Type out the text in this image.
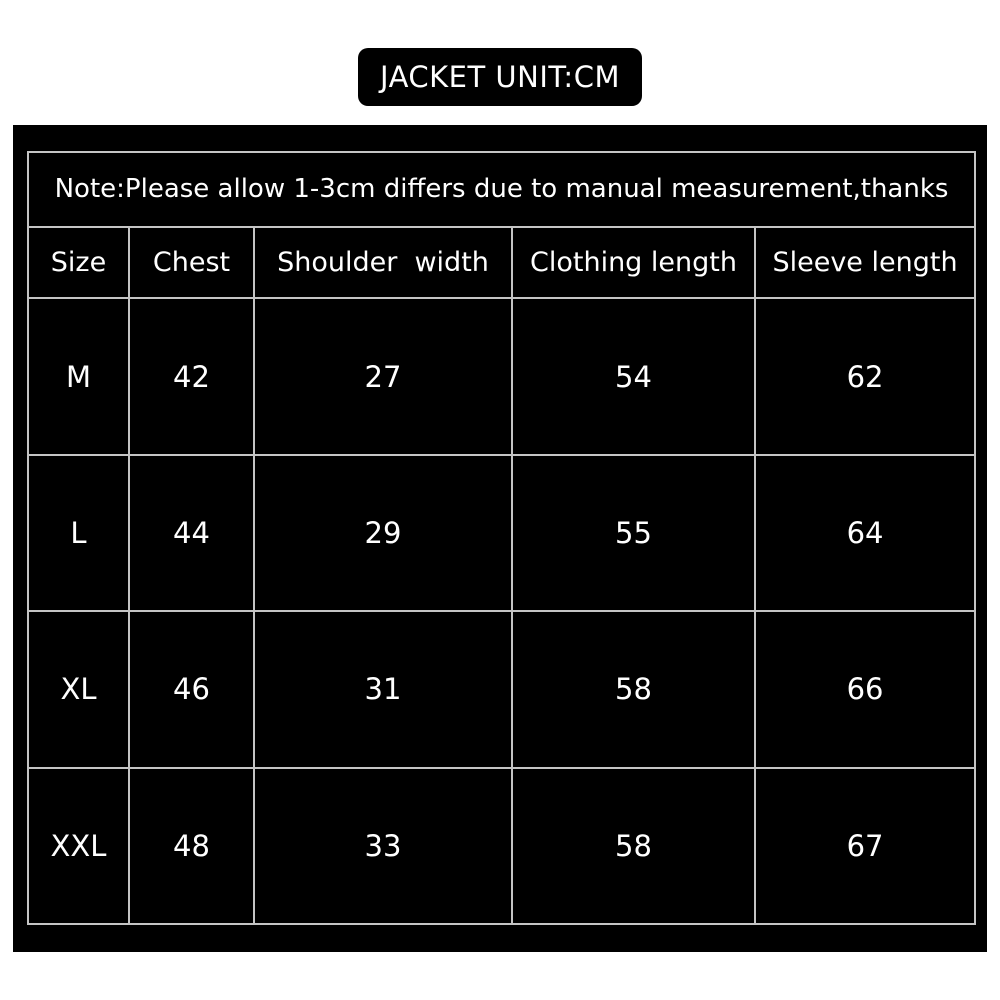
JACKET UNIT:CM
Note:Please allow 1-3cm differs due to manual measurement,thanks				
Size	Chest	Shoulder  width	Clothing length	Sleeve length
M	42	27	54	62
L	44	29	55	64
XL	46	31	58	66
XXL	48	33	58	67
